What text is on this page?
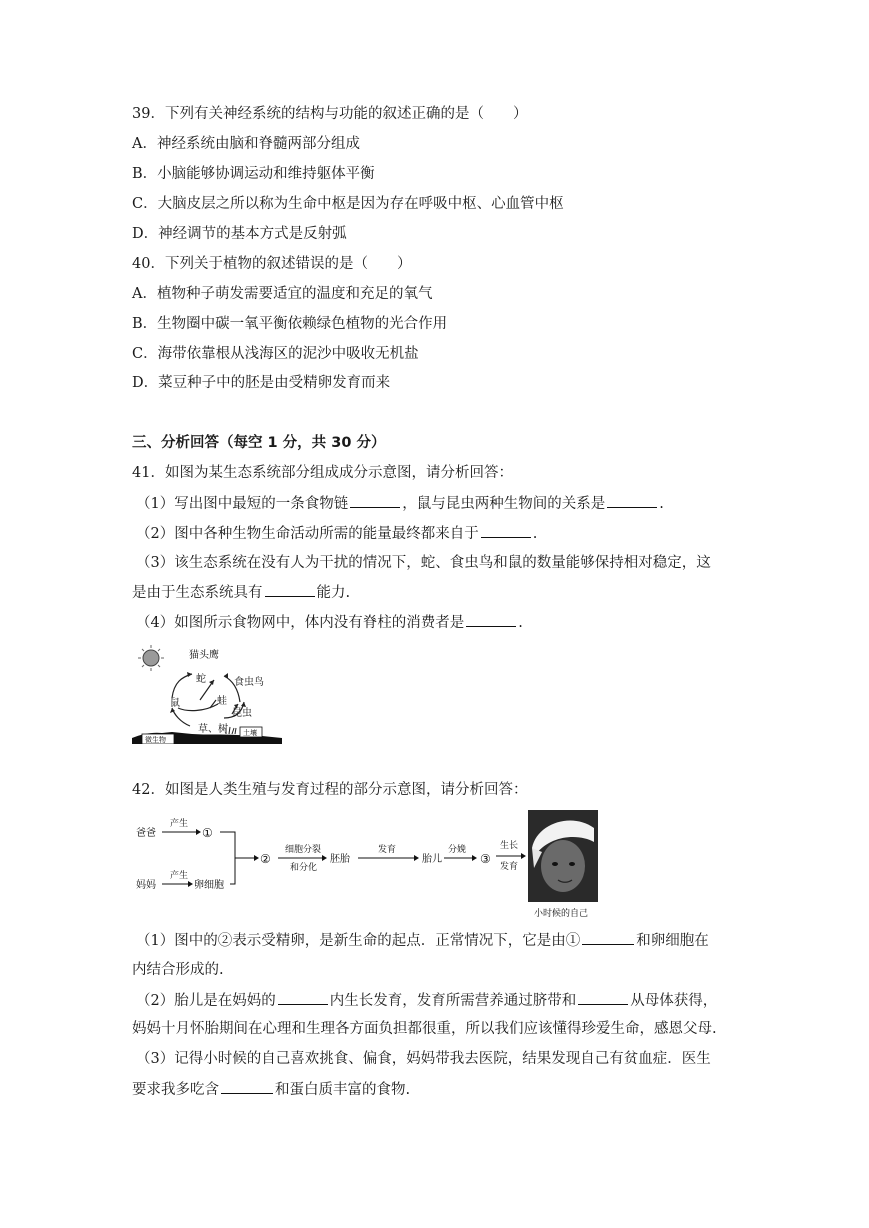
39．下列有关神经系统的结构与功能的叙述正确的是（　　）
A．神经系统由脑和脊髓两部分组成
B．小脑能够协调运动和维持躯体平衡
C．大脑皮层之所以称为生命中枢是因为存在呼吸中枢、心血管中枢
D．神经调节的基本方式是反射弧
40．下列关于植物的叙述错误的是（　　）
A．植物种子萌发需要适宜的温度和充足的氧气
B．生物圈中碳一氧平衡依赖绿色植物的光合作用
C．海带依靠根从浅海区的泥沙中吸收无机盐
D．菜豆种子中的胚是由受精卵发育而来
三、分析回答（每空 1 分，共 30 分）
41．如图为某生态系统部分组成成分示意图，请分析回答：
（1）写出图中最短的一条食物链	，鼠与昆虫两种生物间的关系是	.
（2）图中各种生物生命活动所需的能量最终都来自于	.
（3）该生态系统在没有人为干扰的情况下，蛇、食虫鸟和鼠的数量能够保持相对稳定，这
是由于生态系统具有	能力.
（4）如图所示食物网中，体内没有脊柱的消费者是	.
猫头鹰
蛇	食虫鸟
鼠	蛙
昆虫
草、树
微生物
土壤
42．如图是人类生殖与发育过程的部分示意图，请分析回答：
爸爸
产生
①
妈妈
产生
卵细胞
②
细胞分裂
和分化
胚胎
发育
胎儿
分娩
③
生长
发育
小时候的自己
（1）图中的②表示受精卵，是新生命的起点．正常情况下，它是由①	和卵细胞在
内结合形成的.
（2）胎儿是在妈妈的	内生长发育，发育所需营养通过脐带和	从母体获得，
妈妈十月怀胎期间在心理和生理各方面负担都很重，所以我们应该懂得珍爱生命，感恩父母.
（3）记得小时候的自己喜欢挑食、偏食，妈妈带我去医院，结果发现自己有贫血症．医生
要求我多吃含	和蛋白质丰富的食物.
